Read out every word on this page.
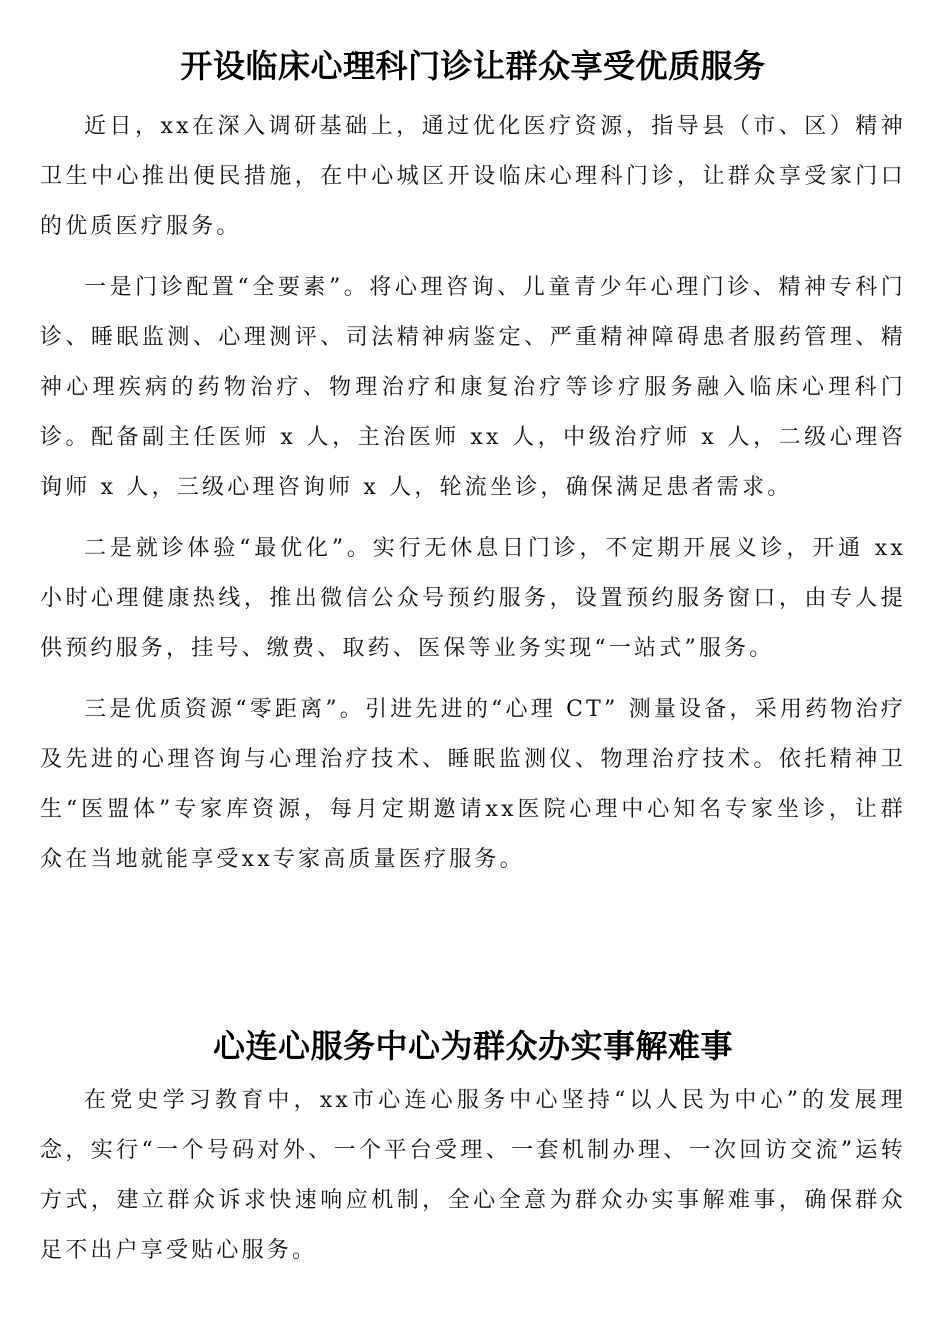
开设临床心理科门诊让群众享受优质服务

近日，xx在深入调研基础上，通过优化医疗资源，指导县（市、区）精神卫生中心推出便民措施，在中心城区开设临床心理科门诊，让群众享受家门口的优质医疗服务。

一是门诊配置“全要素”。将心理咨询、儿童青少年心理门诊、精神专科门诊、睡眠监测、心理测评、司法精神病鉴定、严重精神障碍患者服药管理、精神心理疾病的药物治疗、物理治疗和康复治疗等诊疗服务融入临床心理科门诊。配备副主任医师 x 人，主治医师 xx 人，中级治疗师 x 人，二级心理咨询师 x 人，三级心理咨询师 x 人，轮流坐诊，确保满足患者需求。

二是就诊体验“最优化”。实行无休息日门诊，不定期开展义诊，开通 xx 小时心理健康热线，推出微信公众号预约服务，设置预约服务窗口，由专人提供预约服务，挂号、缴费、取药、医保等业务实现“一站式”服务。

三是优质资源“零距离”。引进先进的“心理 CT” 测量设备，采用药物治疗及先进的心理咨询与心理治疗技术、睡眠监测仪、物理治疗技术。依托精神卫生“医盟体”专家库资源，每月定期邀请xx医院心理中心知名专家坐诊，让群众在当地就能享受xx专家高质量医疗服务。

心连心服务中心为群众办实事解难事

在党史学习教育中，xx市心连心服务中心坚持“以人民为中心”的发展理念，实行“一个号码对外、一个平台受理、一套机制办理、一次回访交流”运转方式，建立群众诉求快速响应机制，全心全意为群众办实事解难事，确保群众足不出户享受贴心服务。
